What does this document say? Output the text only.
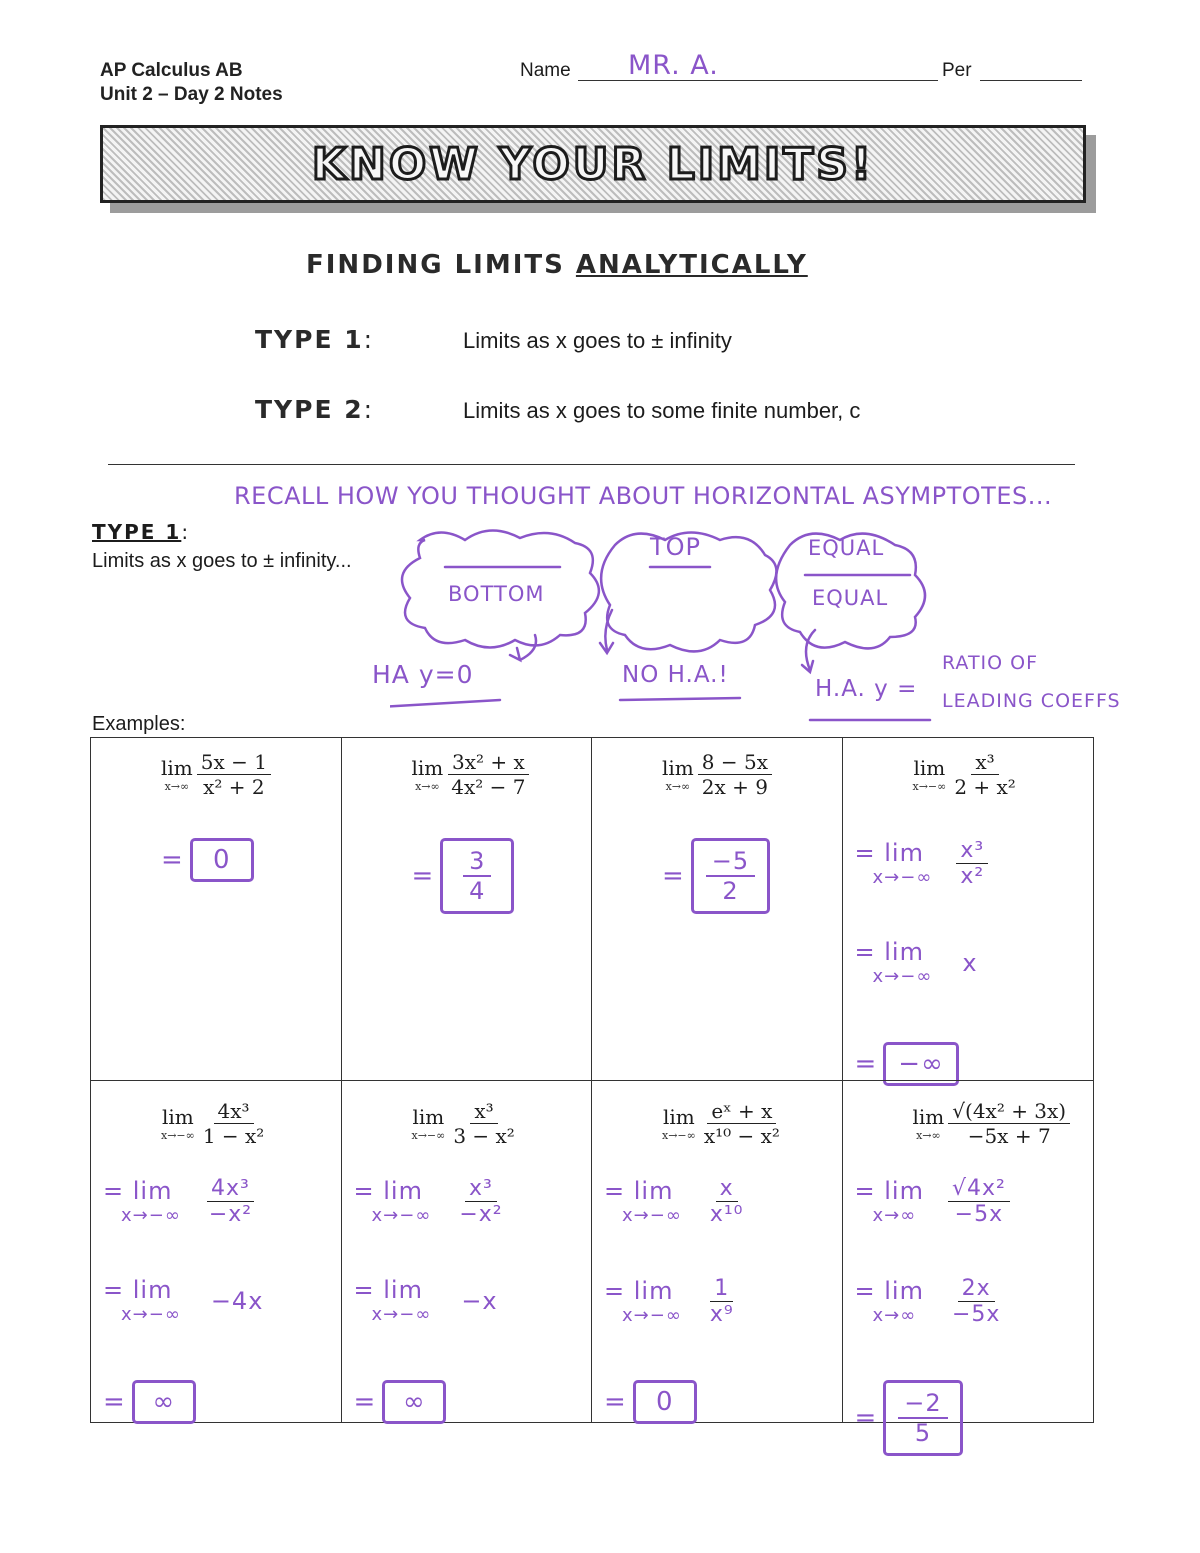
AP Calculus AB
Unit 2 – Day 2 Notes
Name MR. A.	Per
KNOW YOUR LIMITS!
FINDING LIMITS ANALYTICALLY
TYPE 1:	Limits as x goes to ± infinity
TYPE 2:	Limits as x goes to some finite number, c
RECALL HOW YOU THOUGHT ABOUT HORIZONTAL ASYMPTOTES...
TYPE 1:
Limits as x goes to ± infinity...
BOTTOM
TOP	EQUAL
EQUAL
HA y=0	NO H.A.!
H.A. y =
RATIO OF
LEADING COEFFS
Examples:
lim
$x\to\infty \frac{5x - 1}{\text{x² + 2}}$
= 0
lim
$x\to\infty \frac{\text{3x² + x}}{\text{4x² − 7}}$
= $\frac{3}{4}$
lim
$x\to\infty \frac{8 - 5x}{2x + 9}$
= $\frac{-5}{2}$
lim
$x\to-\infty \frac{\text{x³}}{\text{2 + x²}}$
= lim
$x\to-\infty \frac{\text{x³}}{\text{x²}}$
= lim
x→−∞ x
= −∞
lim
$x\to-\infty \frac{\text{4x³}}{\text{1 − x²}}$
= lim
$x\to-\infty \frac{\text{4x³}}{\text{−x²}}$
= lim
x→−∞ −4x
= ∞
lim
$x\to-\infty \frac{\text{x³}}{\text{3 − x²}}$
= lim
$x\to-\infty \frac{\text{x³}}{\text{−x²}}$
= lim
x→−∞ −x
= ∞
lim
$x\to-\infty \frac{\text{eˣ + x}}{\text{x¹⁰ − x²}}$
= lim
$x\to-\infty \frac{x}{\text{x¹⁰}}$
= lim
$x\to-\infty \frac{1}{\text{x⁹}}$
= 0
lim
$x\to\infty \frac{\text{√(4x² + 3x)}}{-5x + 7}$
= lim
$x\to\infty \frac{\text{√4x²}}{-5x}$
= lim
$x\to\infty \frac{2x}{-5x}$
= $\frac{-2}{5}$
